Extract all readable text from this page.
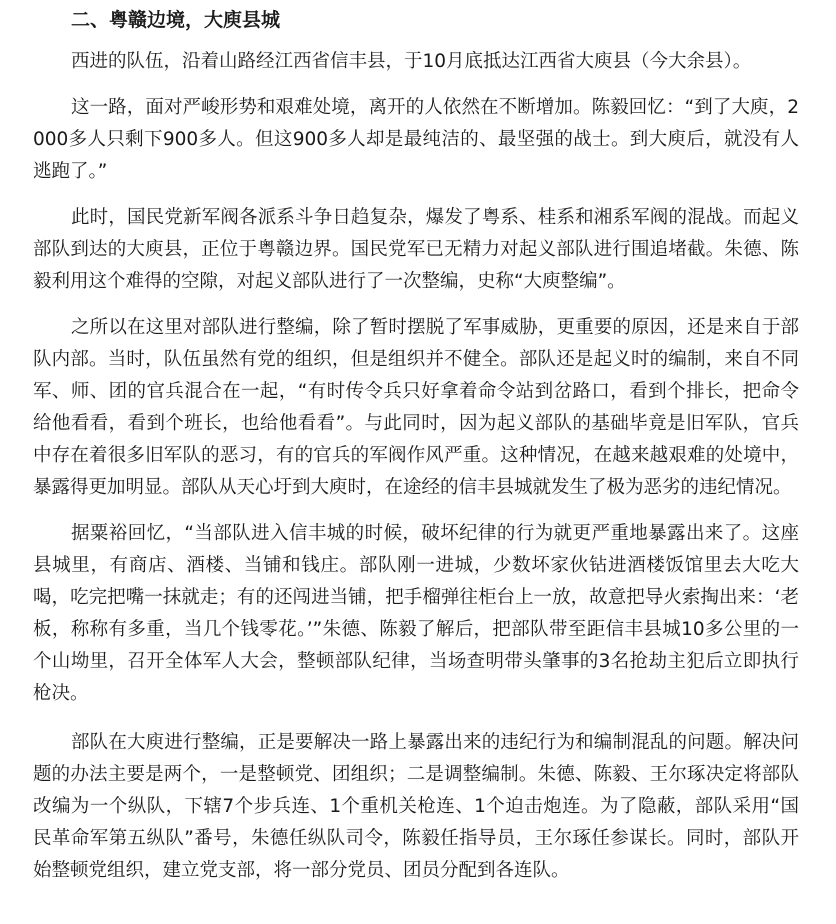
二、粤赣边境，大庾县城

西进的队伍，沿着山路经江西省信丰县，于10月底抵达江西省大庾县（今大余县）。

这一路，面对严峻形势和艰难处境，离开的人依然在不断增加。陈毅回忆：“到了大庾，2000多人只剩下900多人。但这900多人却是最纯洁的、最坚强的战士。到大庾后，就没有人逃跑了。”

此时，国民党新军阀各派系斗争日趋复杂，爆发了粤系、桂系和湘系军阀的混战。而起义部队到达的大庾县，正位于粤赣边界。国民党军已无精力对起义部队进行围追堵截。朱德、陈毅利用这个难得的空隙，对起义部队进行了一次整编，史称“大庾整编”。

之所以在这里对部队进行整编，除了暂时摆脱了军事威胁，更重要的原因，还是来自于部队内部。当时，队伍虽然有党的组织，但是组织并不健全。部队还是起义时的编制，来自不同军、师、团的官兵混合在一起，“有时传令兵只好拿着命令站到岔路口，看到个排长，把命令给他看看，看到个班长，也给他看看”。与此同时，因为起义部队的基础毕竟是旧军队，官兵中存在着很多旧军队的恶习，有的官兵的军阀作风严重。这种情况，在越来越艰难的处境中，暴露得更加明显。部队从天心圩到大庾时，在途经的信丰县城就发生了极为恶劣的违纪情况。

据粟裕回忆，“当部队进入信丰城的时候，破坏纪律的行为就更严重地暴露出来了。这座县城里，有商店、酒楼、当铺和钱庄。部队刚一进城，少数坏家伙钻进酒楼饭馆里去大吃大喝，吃完把嘴一抹就走；有的还闯进当铺，把手榴弹往柜台上一放，故意把导火索掏出来：‘老板，称称有多重，当几个钱零花。’”朱德、陈毅了解后，把部队带至距信丰县城10多公里的一个山坳里，召开全体军人大会，整顿部队纪律，当场查明带头肇事的3名抢劫主犯后立即执行枪决。

部队在大庾进行整编，正是要解决一路上暴露出来的违纪行为和编制混乱的问题。解决问题的办法主要是两个，一是整顿党、团组织；二是调整编制。朱德、陈毅、王尔琢决定将部队改编为一个纵队，下辖7个步兵连、1个重机关枪连、1个迫击炮连。为了隐蔽，部队采用“国民革命军第五纵队”番号，朱德任纵队司令，陈毅任指导员，王尔琢任参谋长。同时，部队开始整顿党组织，建立党支部，将一部分党员、团员分配到各连队。
